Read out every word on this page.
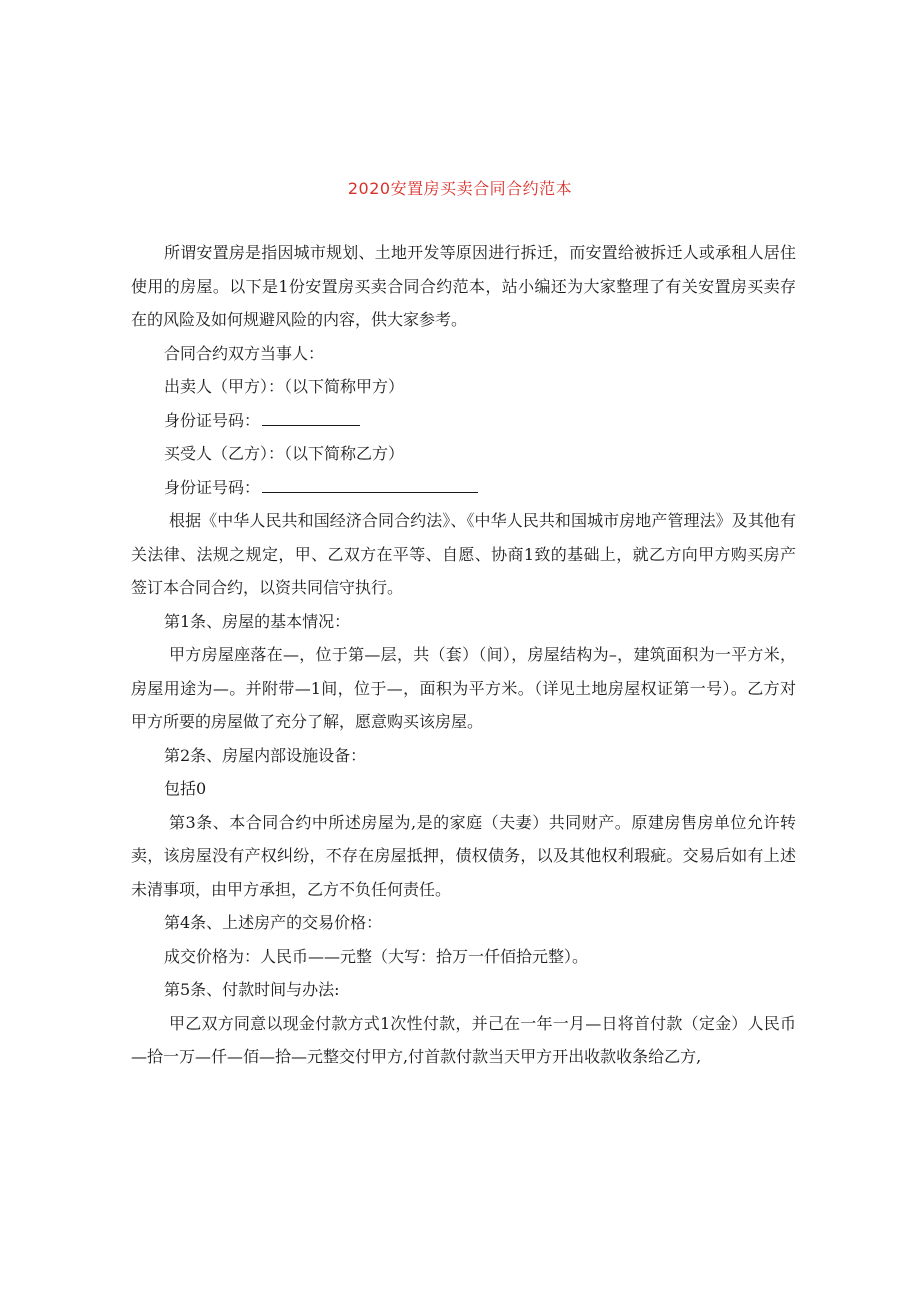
2020安置房买卖合同合约范本

所谓安置房是指因城市规划、土地开发等原因进行拆迁，而安置给被拆迁人或承租人居住使用的房屋。以下是1份安置房买卖合同合约范本，站小编还为大家整理了有关安置房买卖存在的风险及如何规避风险的内容，供大家参考。

合同合约双方当事人：

出卖人（甲方）：（以下简称甲方）

身份证号码：

买受人（乙方）：（以下简称乙方）

身份证号码：

根据《中华人民共和国经济合同合约法》、《中华人民共和国城市房地产管理法》及其他有关法律、法规之规定，甲、乙双方在平等、自愿、协商1致的基础上，就乙方向甲方购买房产签订本合同合约，以资共同信守执行。

第1条、房屋的基本情况：

甲方房屋座落在—，位于第—层，共（套）（间），房屋结构为–，建筑面积为一平方米，房屋用途为—。并附带—1间，位于—，面积为平方米。（详见土地房屋权证第一号）。乙方对甲方所要的房屋做了充分了解，愿意购买该房屋。

第2条、房屋内部设施设备：

包括0

第3条、本合同合约中所述房屋为,是的家庭（夫妻）共同财产。原建房售房单位允许转卖，该房屋没有产权纠纷，不存在房屋抵押，债权债务，以及其他权利瑕疵。交易后如有上述未清事项，由甲方承担，乙方不负任何责任。

第4条、上述房产的交易价格：

成交价格为：人民币——元整（大写：拾万一仟佰拾元整）。

第5条、付款时间与办法:

甲乙双方同意以现金付款方式1次性付款，并己在一年一月—日将首付款（定金）人民币—拾一万—仟—佰—拾—元整交付甲方,付首款付款当天甲方开出收款收条给乙方,
